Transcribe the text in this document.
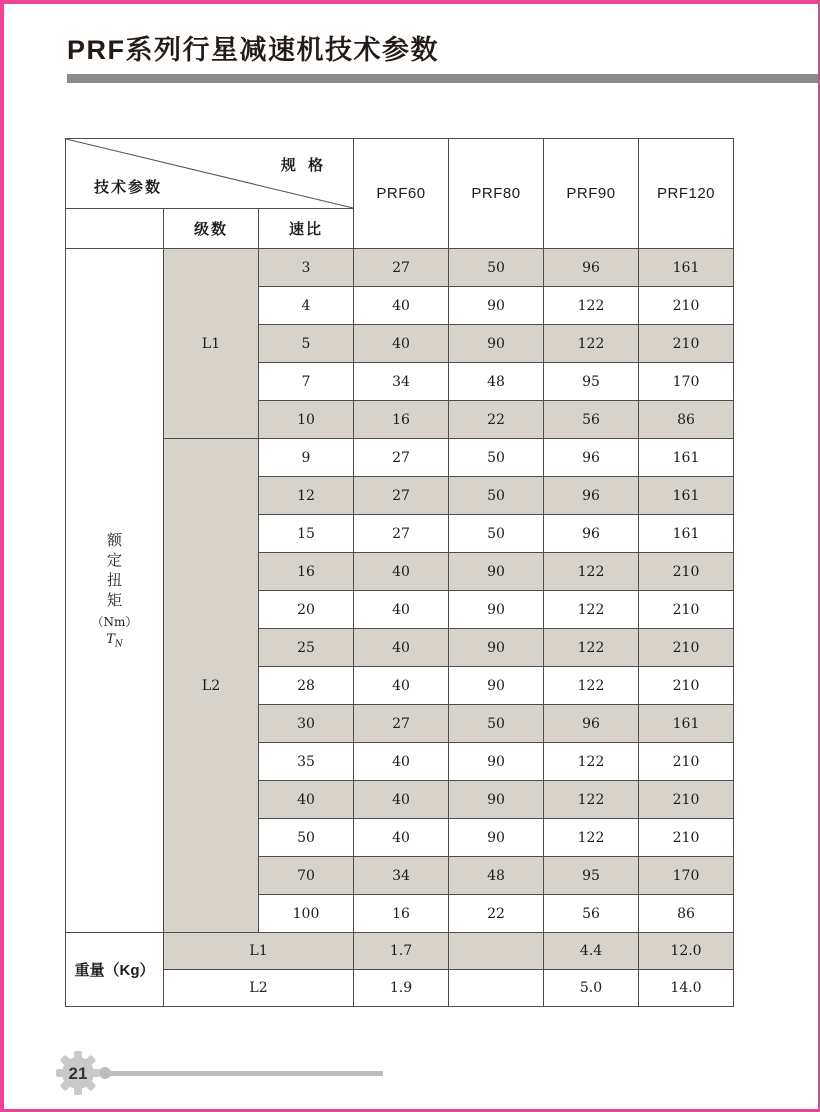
PRF系列行星减速机技术参数
规 格
技术参数			PRF60	PRF80	PRF90	PRF120
	级数	速比				

额定扭矩
（Nm）
$T_N$	L1	3	27	50	96	161
		4	40	90	122	210
		5	40	90	122	210
		7	34	48	95	170
		10	16	22	56	86
	L2	9	27	50	96	161
		12	27	50	96	161
		15	27	50	96	161
		16	40	90	122	210
		20	40	90	122	210
		25	40	90	122	210
		28	40	90	122	210
		30	27	50	96	161
		35	40	90	122	210
		40	40	90	122	210
		50	40	90	122	210
		70	34	48	95	170
		100	16	22	56	86
重量（Kg）	L1		1.7		4.4	12.0
	L2		1.9		5.0	14.0
21
